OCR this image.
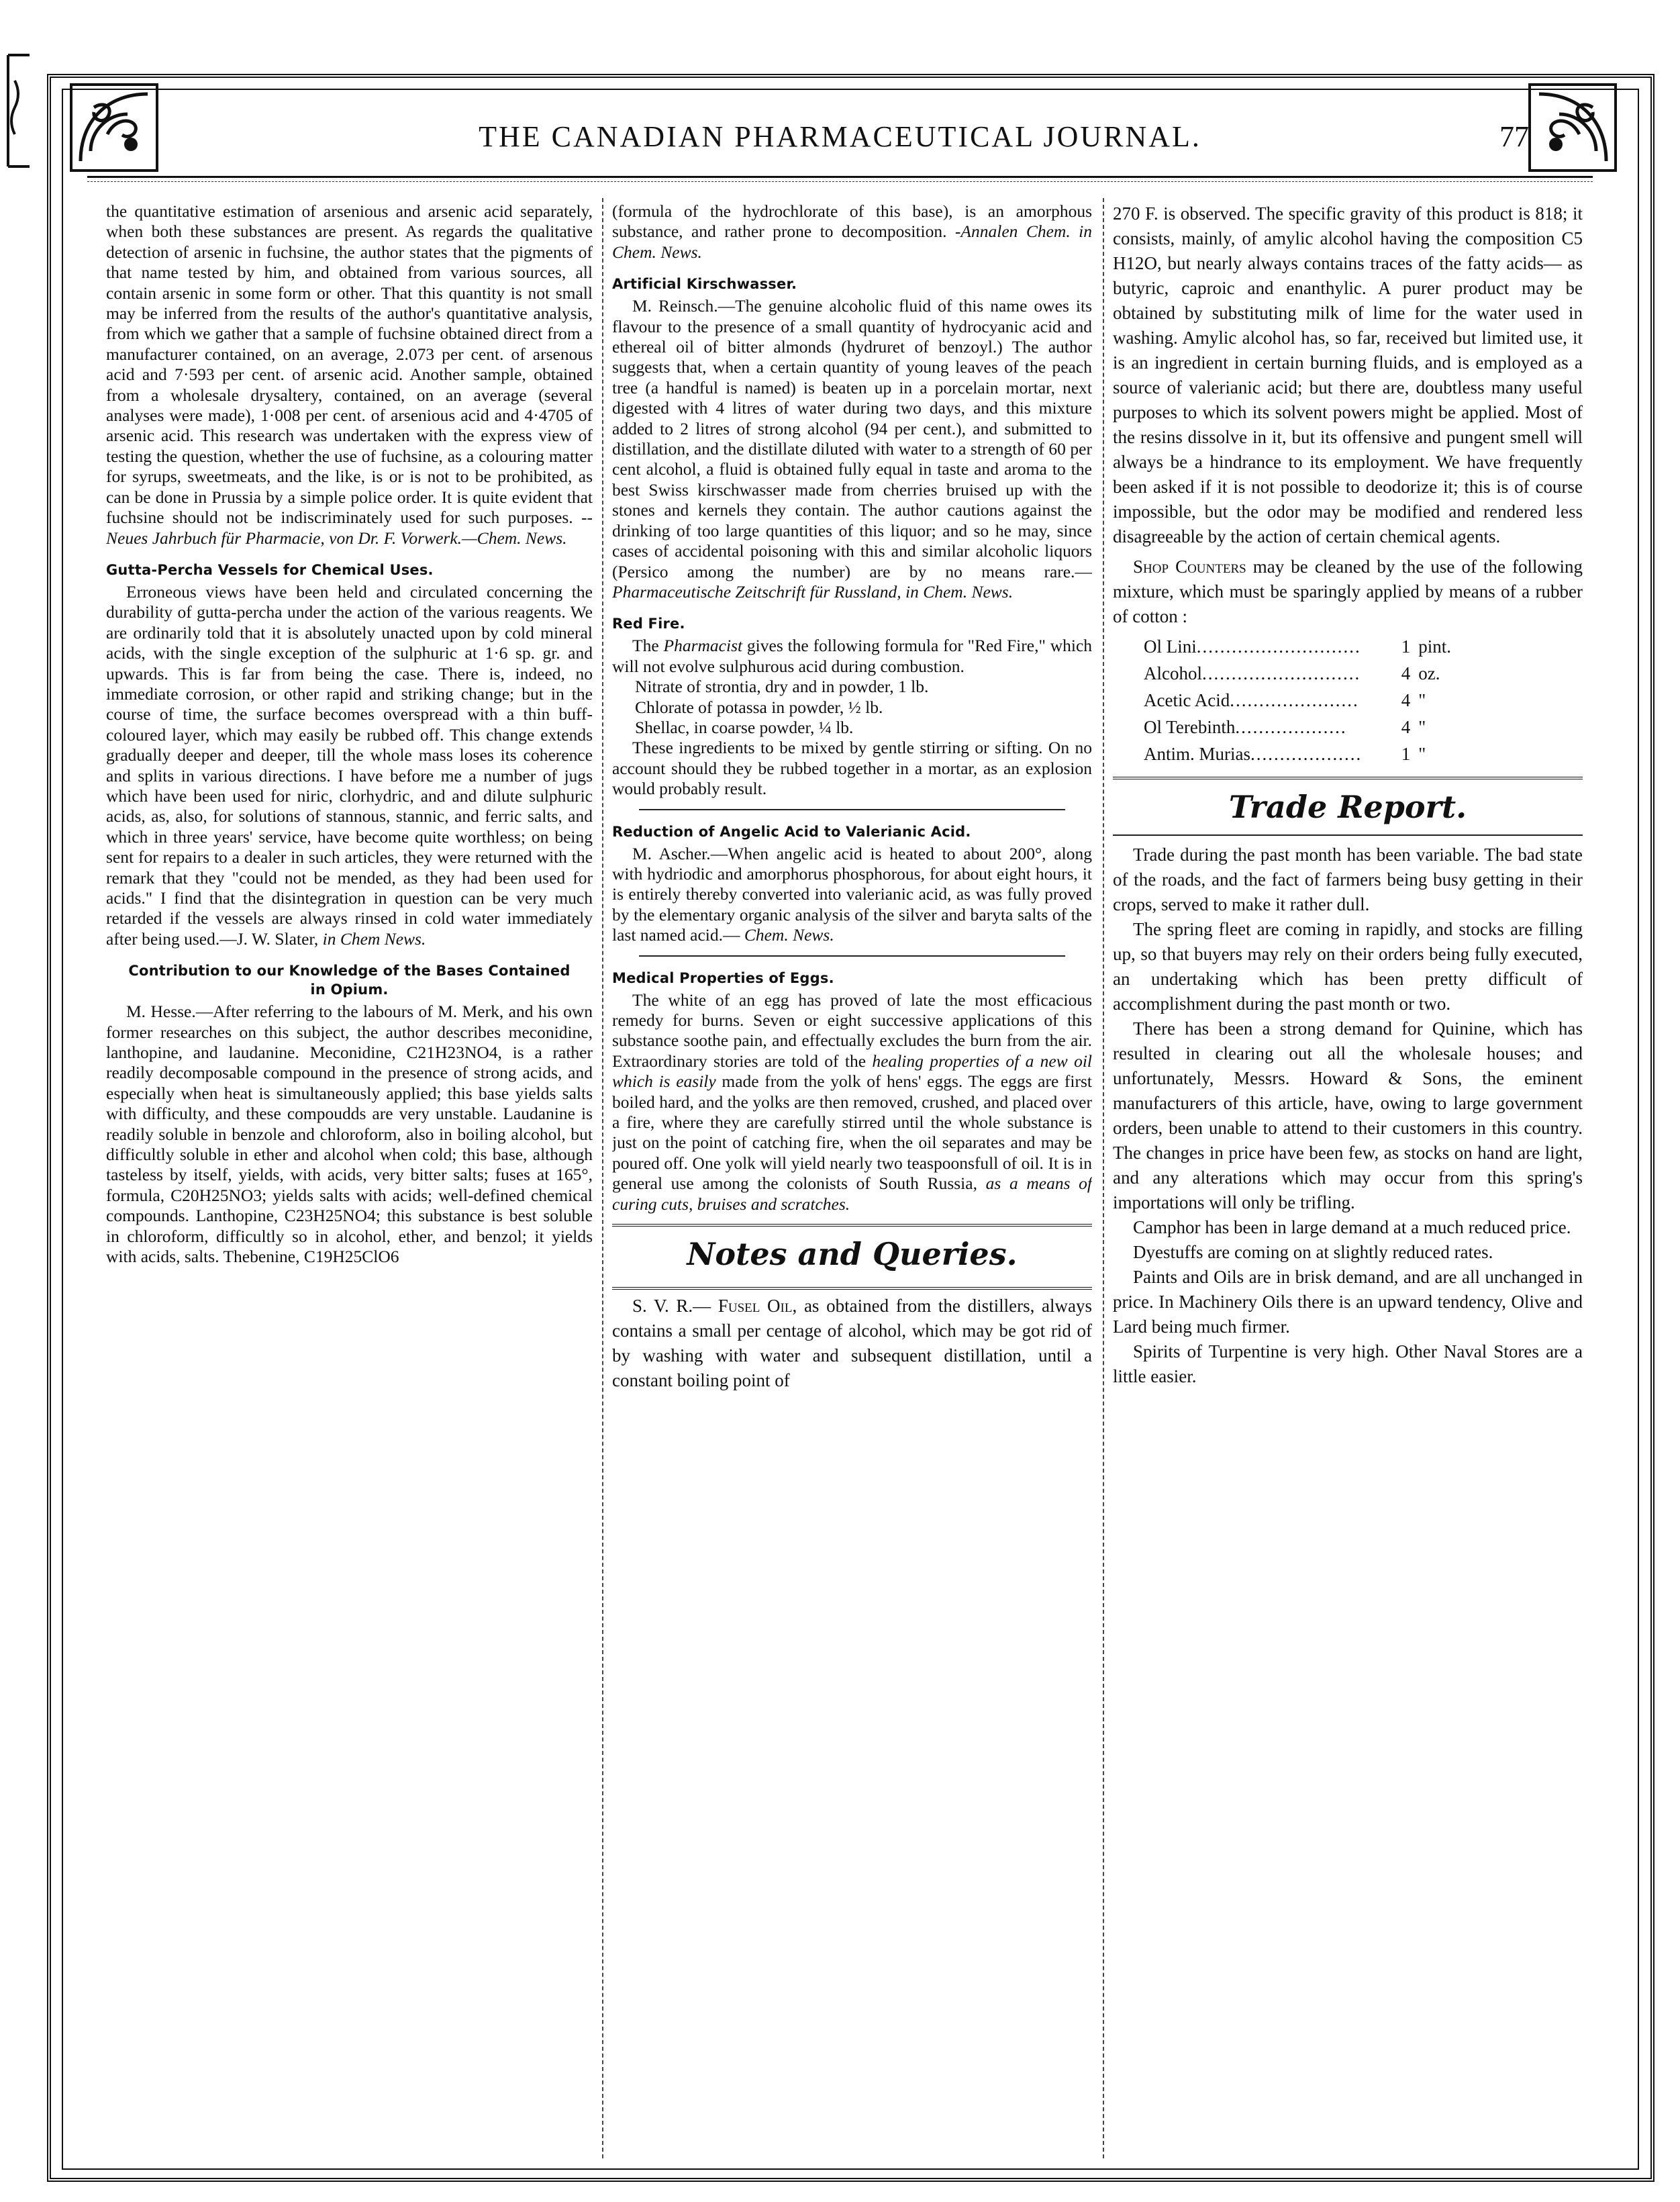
THE CANADIAN PHARMACEUTICAL JOURNAL.	77

the quantitative estimation of arsenious and arsenic acid separately, when both these substances are present. As regards the qualitative detection of arsenic in fuchsine, the author states that the pigments of that name tested by him, and obtained from various sources, all contain arsenic in some form or other. That this quantity is not small may be inferred from the results of the author's quantitative analysis, from which we gather that a sample of fuchsine obtained direct from a manufacturer contained, on an average, 2.073 per cent. of arsenous acid and 7·593 per cent. of arsenic acid. Another sample, obtained from a wholesale drysaltery, contained, on an average (several analyses were made), 1·008 per cent. of arsenious acid and 4·4705 of arsenic acid. This research was undertaken with the express view of testing the question, whether the use of fuchsine, as a colouring matter for syrups, sweetmeats, and the like, is or is not to be prohibited, as can be done in Prussia by a simple police order. It is quite evident that fuchsine should not be indiscriminately used for such purposes. --Neues Jahrbuch für Pharmacie, von Dr. F. Vorwerk.—Chem. News.

Gutta-Percha Vessels for Chemical Uses.

Erroneous views have been held and circulated concerning the durability of gutta-percha under the action of the various reagents. We are ordinarily told that it is absolutely unacted upon by cold mineral acids, with the single exception of the sulphuric at 1·6 sp. gr. and upwards. This is far from being the case. There is, indeed, no immediate corrosion, or other rapid and striking change; but in the course of time, the surface becomes overspread with a thin buff-coloured layer, which may easily be rubbed off. This change extends gradually deeper and deeper, till the whole mass loses its coherence and splits in various directions. I have before me a number of jugs which have been used for niric, clorhydric, and and dilute sulphuric acids, as, also, for solutions of stannous, stannic, and ferric salts, and which in three years' service, have become quite worthless; on being sent for repairs to a dealer in such articles, they were returned with the remark that they "could not be mended, as they had been used for acids." I find that the disintegration in question can be very much retarded if the vessels are always rinsed in cold water immediately after being used.—J. W. Slater, in Chem News.

Contribution to our Knowledge of the Bases Contained in Opium.

M. Hesse.—After referring to the labours of M. Merk, and his own former researches on this subject, the author describes meconidine, lanthopine, and laudanine. Meconidine, C21H23NO4, is a rather readily decomposable compound in the presence of strong acids, and especially when heat is simultaneously applied; this base yields salts with difficulty, and these compoudds are very unstable. Laudanine is readily soluble in benzole and chloroform, also in boiling alcohol, but difficultly soluble in ether and alcohol when cold; this base, although tasteless by itself, yields, with acids, very bitter salts; fuses at 165°, formula, C20H25NO3; yields salts with acids; well-defined chemical compounds. Lanthopine, C23H25NO4; this substance is best soluble in chloroform, difficultly so in alcohol, ether, and benzol; it yields with acids, salts. Thebenine, C19H25ClO6

(formula of the hydrochlorate of this base), is an amorphous substance, and rather prone to decomposition. -Annalen Chem. in Chem. News.

Artificial Kirschwasser.

M. Reinsch.—The genuine alcoholic fluid of this name owes its flavour to the presence of a small quantity of hydrocyanic acid and ethereal oil of bitter almonds (hydruret of benzoyl.) The author suggests that, when a certain quantity of young leaves of the peach tree (a handful is named) is beaten up in a porcelain mortar, next digested with 4 litres of water during two days, and this mixture added to 2 litres of strong alcohol (94 per cent.), and submitted to distillation, and the distillate diluted with water to a strength of 60 per cent alcohol, a fluid is obtained fully equal in taste and aroma to the best Swiss kirschwasser made from cherries bruised up with the stones and kernels they contain. The author cautions against the drinking of too large quantities of this liquor; and so he may, since cases of accidental poisoning with this and similar alcoholic liquors (Persico among the number) are by no means rare.— Pharmaceutische Zeitschrift für Russland, in Chem. News.

Red Fire.

The Pharmacist gives the following formula for "Red Fire," which will not evolve sulphurous acid during combustion.

Nitrate of strontia, dry and in powder, 1 lb.

Chlorate of potassa in powder, ½ lb.

Shellac, in coarse powder, ¼ lb.

These ingredients to be mixed by gentle stirring or sifting. On no account should they be rubbed together in a mortar, as an explosion would probably result.

Reduction of Angelic Acid to Valerianic Acid.

M. Ascher.—When angelic acid is heated to about 200°, along with hydriodic and amorphorus phosphorous, for about eight hours, it is entirely thereby converted into valerianic acid, as was fully proved by the elementary organic analysis of the silver and baryta salts of the last named acid.— Chem. News.

Medical Properties of Eggs.

The white of an egg has proved of late the most efficacious remedy for burns. Seven or eight successive applications of this substance soothe pain, and effectually excludes the burn from the air. Extraordinary stories are told of the healing properties of a new oil which is easily made from the yolk of hens' eggs. The eggs are first boiled hard, and the yolks are then removed, crushed, and placed over a fire, where they are carefully stirred until the whole substance is just on the point of catching fire, when the oil separates and may be poured off. One yolk will yield nearly two teaspoonsfull of oil. It is in general use among the colonists of South Russia, as a means of curing cuts, bruises and scratches.

Notes and Queries.

S. V. R.— Fusel Oil, as obtained from the distillers, always contains a small per centage of alcohol, which may be got rid of by washing with water and subsequent distillation, until a constant boiling point of

270 F. is observed. The specific gravity of this product is 818; it consists, mainly, of amylic alcohol having the composition C5 H12O, but nearly always contains traces of the fatty acids— as butyric, caproic and enanthylic. A purer product may be obtained by substituting milk of lime for the water used in washing. Amylic alcohol has, so far, received but limited use, it is an ingredient in certain burning fluids, and is employed as a source of valerianic acid; but there are, doubtless many useful purposes to which its solvent powers might be applied. Most of the resins dissolve in it, but its offensive and pungent smell will always be a hindrance to its employment. We have frequently been asked if it is not possible to deodorize it; this is of course impossible, but the odor may be modified and rendered less disagreeable by the action of certain chemical agents.

Shop Counters may be cleaned by the use of the following mixture, which must be sparingly applied by means of a rubber of cotton :

Ol Lini............................	1	pint.
Alcohol...........................	4	oz.
Acetic Acid......................	4	"
Ol Terebinth...................	4	"
Antim. Murias...................	1	"
Trade Report.

Trade during the past month has been variable. The bad state of the roads, and the fact of farmers being busy getting in their crops, served to make it rather dull.

The spring fleet are coming in rapidly, and stocks are filling up, so that buyers may rely on their orders being fully executed, an undertaking which has been pretty difficult of accomplishment during the past month or two.

There has been a strong demand for Quinine, which has resulted in clearing out all the wholesale houses; and unfortunately, Messrs. Howard & Sons, the eminent manufacturers of this article, have, owing to large government orders, been unable to attend to their customers in this country. The changes in price have been few, as stocks on hand are light, and any alterations which may occur from this spring's importations will only be trifling.

Camphor has been in large demand at a much reduced price.

Dyestuffs are coming on at slightly reduced rates.

Paints and Oils are in brisk demand, and are all unchanged in price. In Machinery Oils there is an upward tendency, Olive and Lard being much firmer.

Spirits of Turpentine is very high. Other Naval Stores are a little easier.
